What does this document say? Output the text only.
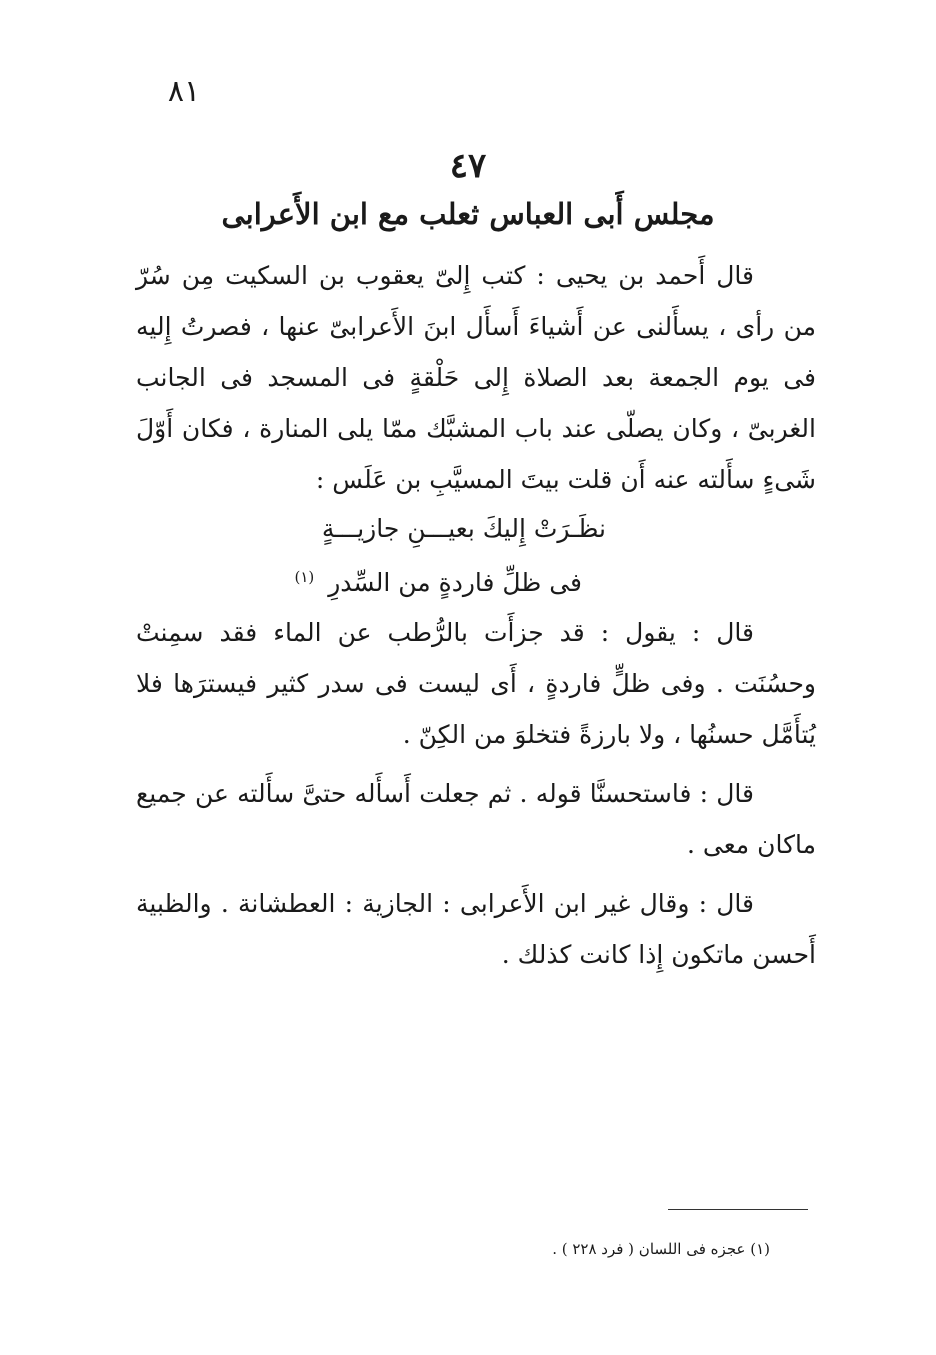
٨١
٤٧
مجلس أَبى العباس ثعلب مع ابن الأَعرابى

قال أَحمد بن يحيى : كتب إِلىّ يعقوب بن السكيت مِن سُرّ من رأى ، يسأَلنى عن أَشياءَ أَسأَل ابنَ الأَعرابىّ عنها ، فصرتُ إِليه فى يوم الجمعة بعد الصلاة إِلى حَلْقةٍ فى المسجد فى الجانب الغربىّ ، وكان يصلّى عند باب المشبَّك ممّا يلى المنارة ، فكان أَوّلَ شَىءٍ سأَلته عنه أَن قلت بيتَ المسيَّبِ بن عَلَس :

نظَـرَتْ إِليكَ بعيـــنِ جازيـــةٍ
فى ظلِّ فاردةٍ من السِّدرِ$^{(١)}$

قال : يقول : قد جزأَت بالرُّطب عن الماء فقد سمِنتْ وحسُنَت . وفى ظلٍّ فاردةٍ ، أَى ليست فى سدر كثير فيسترَها فلا يُتأَمَّل حسنُها ، ولا بارزةً فتخلوَ من الكِنّ .

قال : فاستحسنَّا قوله . ثم جعلت أَسأَله حتىَّ سأَلته عن جميع ماكان معى .

قال : وقال غير ابن الأَعرابى : الجازية : العطشانة . والظبية أَحسن ماتكون إِذا كانت كذلك .

(١) عجزه فى اللسان ( فرد ٢٢٨ ) .
